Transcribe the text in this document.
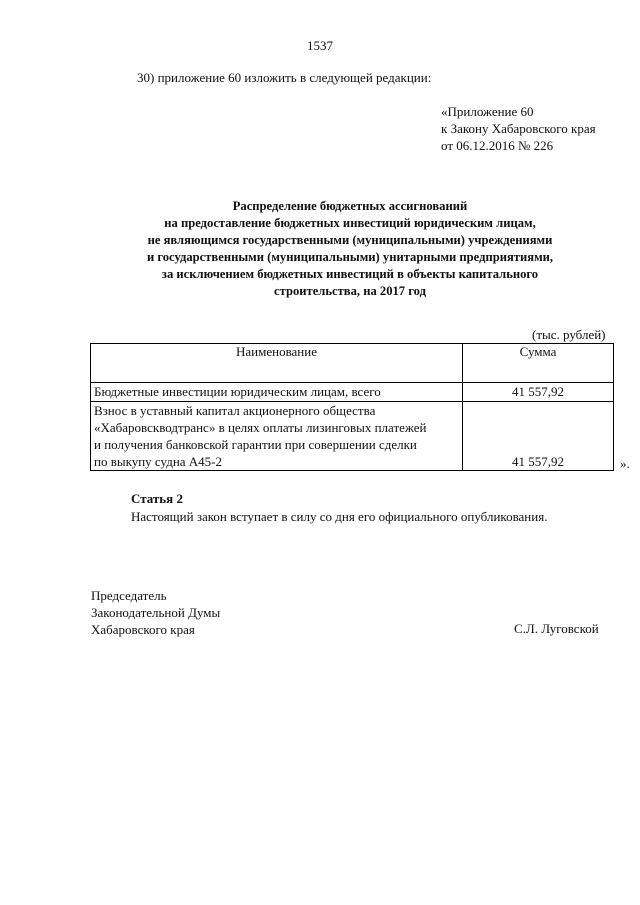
1537
30) приложение 60 изложить в следующей редакции:
«Приложение 60
к Закону Хабаровского края
от 06.12.2016 № 226
Распределение бюджетных ассигнований
на предоставление бюджетных инвестиций юридическим лицам,
не являющимся государственными (муниципальными) учреждениями
и государственными (муниципальными) унитарными предприятиями,
за исключением бюджетных инвестиций в объекты капитального
строительства, на 2017 год
(тыс. рублей)
Наименование	Сумма

Бюджетные инвестиции юридическим лицам, всего	41 557,92

Взнос в уставный капитал акционерного общества
«Хабаровскводтранс» в целях оплаты лизинговых платежей
и получения банковской гарантии при совершении сделки
по выкупу судна А45-2	41 557,92	».
Статья 2
Настоящий закон вступает в силу со дня его официального опубликования.
Председатель
Законодательной Думы
Хабаровского края	С.Л. Луговской
